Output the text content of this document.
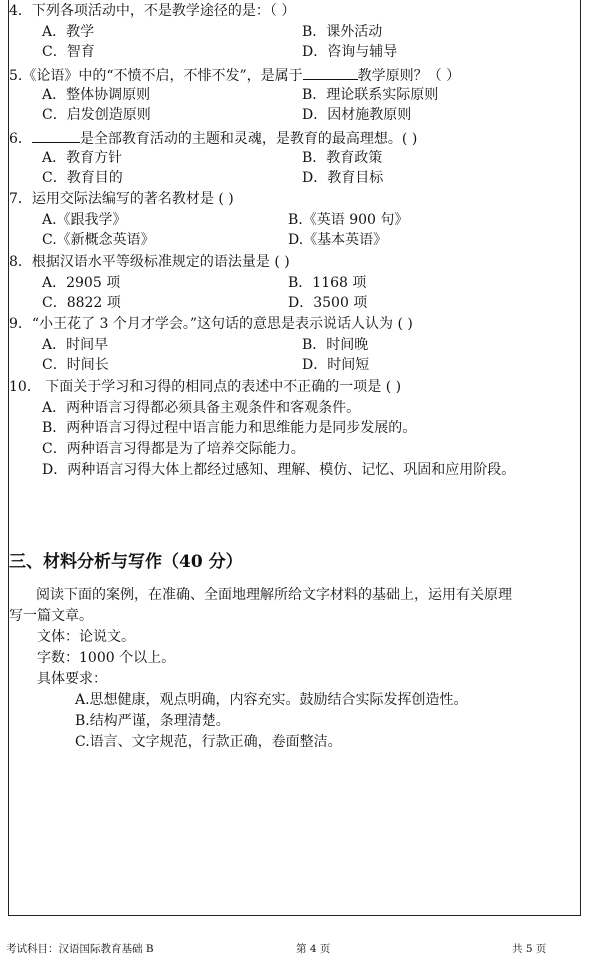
4．下列各项活动中，不是教学途径的是：（ ）
A．教学	B．课外活动
C．智育	D．咨询与辅导
5.《论语》中的“不愤不启，不悱不发”，是属于	教学原则？（ ）
A．整体协调原则	B．理论联系实际原则
C．启发创造原则	D．因材施教原则
6．	是全部教育活动的主题和灵魂，是教育的最高理想。( )
A．教育方针	B．教育政策
C．教育目的	D．教育目标
7．运用交际法编写的著名教材是 ( )
A.《跟我学》	B.《英语 900 句》
C.《新概念英语》	D.《基本英语》
8．根据汉语水平等级标准规定的语法量是 ( )
A．2905 项	B．1168 项
C．8822 项	D．3500 项
9．“小王花了 3 个月才学会。”这句话的意思是表示说话人认为 ( )
A．时间早	B．时间晚
C．时间长	D．时间短
10． 下面关于学习和习得的相同点的表述中不正确的一项是 ( )
A．两种语言习得都必须具备主观条件和客观条件。
B．两种语言习得过程中语言能力和思维能力是同步发展的。
C．两种语言习得都是为了培养交际能力。
D．两种语言习得大体上都经过感知、理解、模仿、记忆、巩固和应用阶段。
三、材料分析与写作（40 分）
阅读下面的案例，在准确、全面地理解所给文字材料的基础上，运用有关原理
写一篇文章。
文体：论说文。
字数：1000 个以上。
具体要求：
A.思想健康，观点明确，内容充实。鼓励结合实际发挥创造性。
B.结构严谨，条理清楚。
C.语言、文字规范，行款正确，卷面整洁。
考试科目：汉语国际教育基础 B	第 4 页	共 5 页
